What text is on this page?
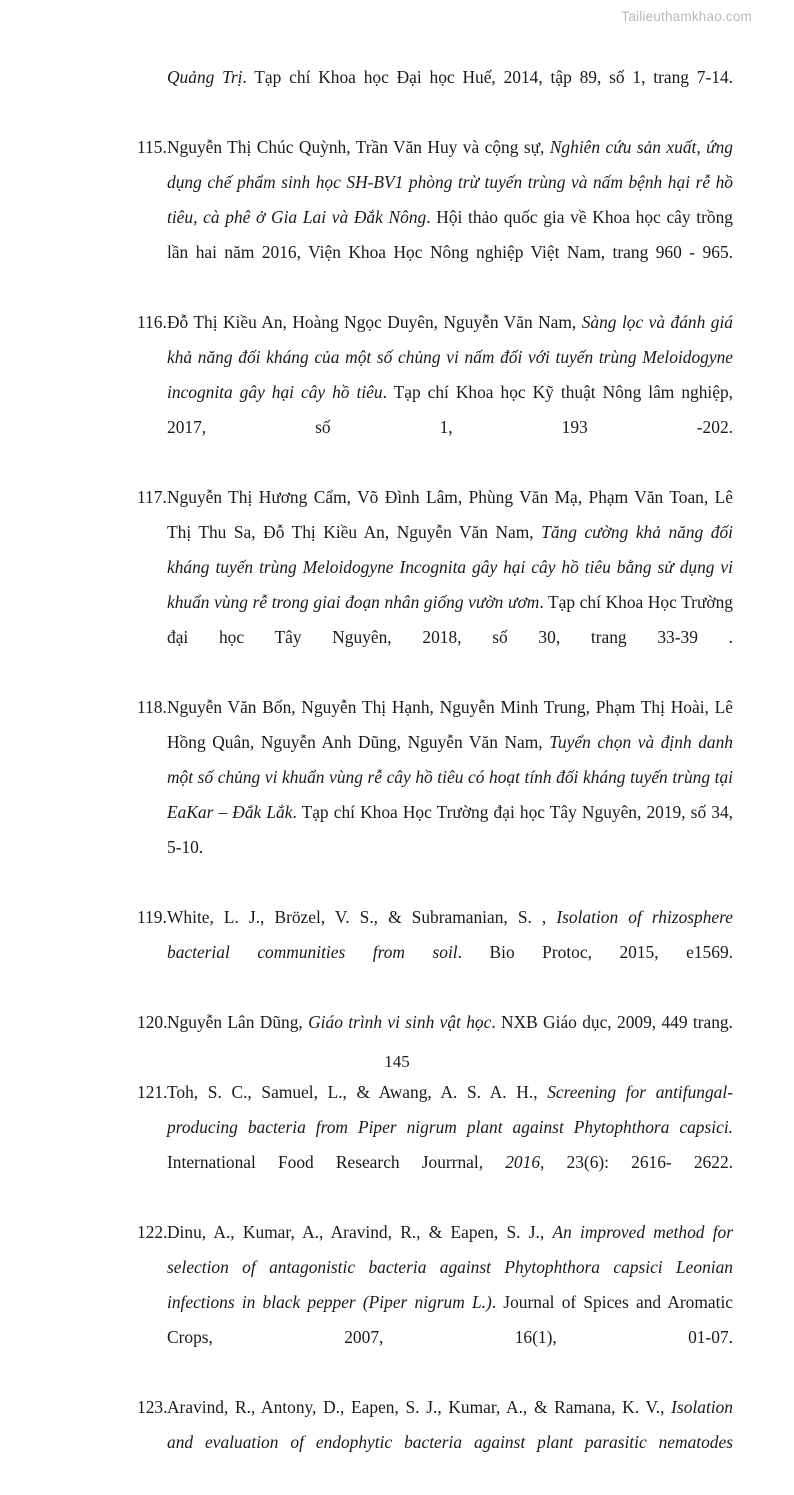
Tailieuthamkhao.com

Quảng Trị. Tạp chí Khoa học Đại học Huế, 2014, tập 89, số 1, trang 7-14.

115. Nguyễn Thị Chúc Quỳnh, Trần Văn Huy và cộng sự, Nghiên cứu sản xuất, ứng dụng chế phẩm sinh học SH-BV1 phòng trừ tuyến trùng và nấm bệnh hại rễ hồ tiêu, cà phê ở Gia Lai và Đắk Nông. Hội thảo quốc gia về Khoa học cây trồng lần hai năm 2016, Viện Khoa Học Nông nghiệp Việt Nam, trang 960 - 965.
116. Đỗ Thị Kiều An, Hoàng Ngọc Duyên, Nguyễn Văn Nam, Sàng lọc và đánh giá khả năng đối kháng của một số chủng vi nấm đối với tuyến trùng Meloidogyne incognita gây hại cây hồ tiêu. Tạp chí Khoa học Kỹ thuật Nông lâm nghiệp, 2017, số 1, 193 -202.
117. Nguyễn Thị Hương Cẩm, Võ Đình Lâm, Phùng Văn Mạ, Phạm Văn Toan, Lê Thị Thu Sa, Đỗ Thị Kiều An, Nguyễn Văn Nam, Tăng cường khả năng đối kháng tuyến trùng Meloidogyne Incognita gây hại cây hồ tiêu bằng sử dụng vi khuẩn vùng rễ trong giai đoạn nhân giống vườn ươm. Tạp chí Khoa Học Trường đại học Tây Nguyên, 2018, số 30, trang 33-39 .
118. Nguyễn Văn Bốn, Nguyễn Thị Hạnh, Nguyễn Minh Trung, Phạm Thị Hoài, Lê Hồng Quân, Nguyễn Anh Dũng, Nguyễn Văn Nam, Tuyển chọn và định danh một số chủng vi khuẩn vùng rễ cây hồ tiêu có hoạt tính đối kháng tuyến trùng tại EaKar – Đắk Lắk. Tạp chí Khoa Học Trường đại học Tây Nguyên, 2019, số 34, 5-10.
119. White, L. J., Brözel, V. S., & Subramanian, S. , Isolation of rhizosphere bacterial communities from soil. Bio Protoc, 2015, e1569.
120. Nguyễn Lân Dũng, Giáo trình vi sinh vật học. NXB Giáo dục, 2009, 449 trang.
121. Toh, S. C., Samuel, L., & Awang, A. S. A. H., Screening for antifungal-producing bacteria from Piper nigrum plant against Phytophthora capsici. International Food Research Jourrnal, 2016, 23(6): 2616- 2622.
122. Dinu, A., Kumar, A., Aravind, R., & Eapen, S. J., An improved method for selection of antagonistic bacteria against Phytophthora capsici Leonian infections in black pepper (Piper nigrum L.). Journal of Spices and Aromatic Crops, 2007, 16(1), 01-07.
123. Aravind, R., Antony, D., Eapen, S. J., Kumar, A., & Ramana, K. V., Isolation and evaluation of endophytic bacteria against plant parasitic nematodes
145
